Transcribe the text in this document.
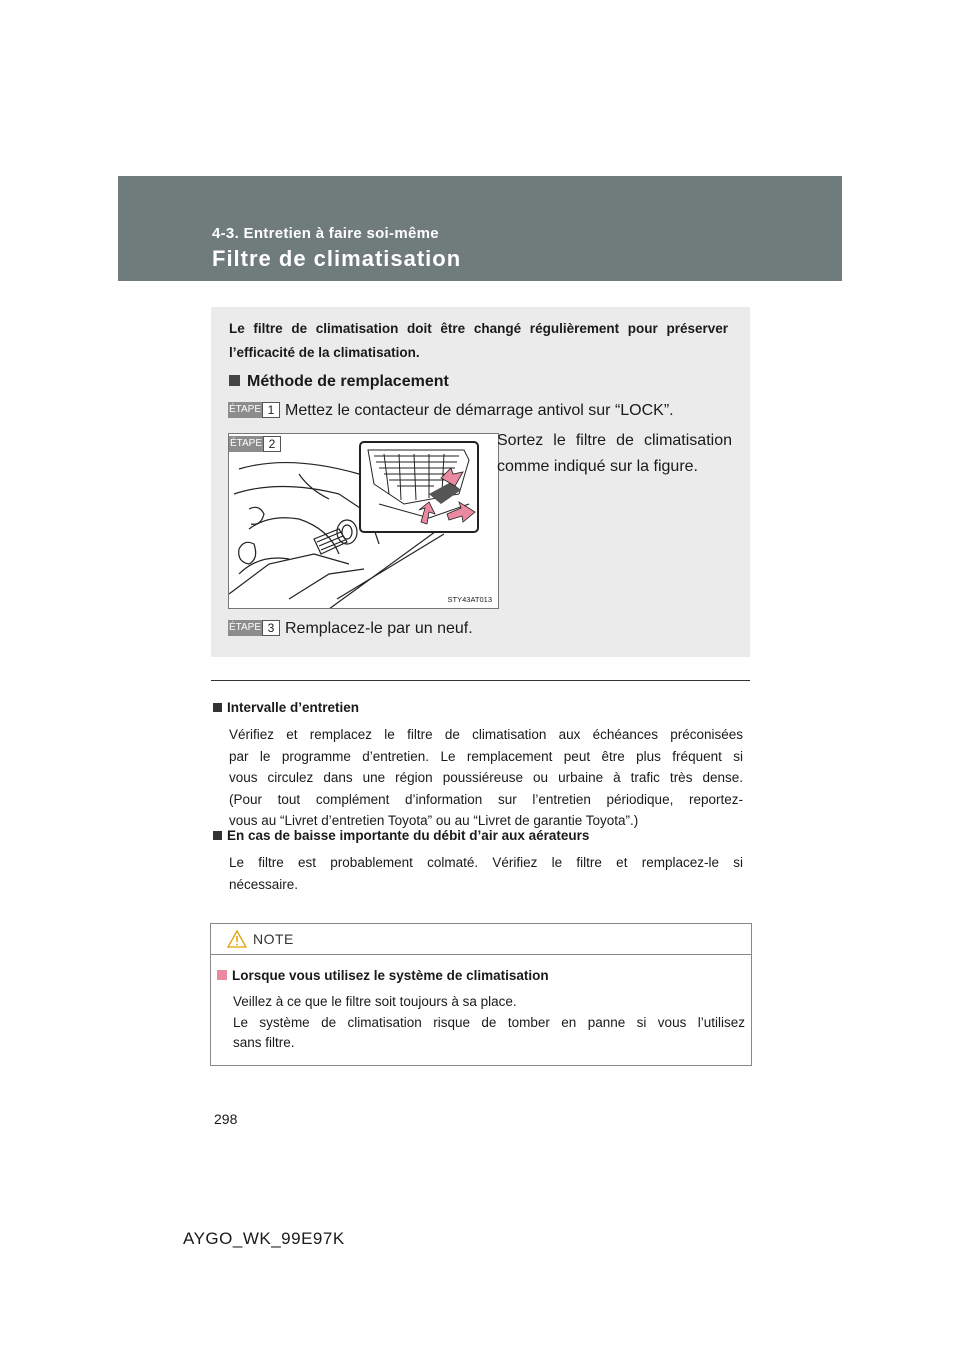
4-3. Entretien à faire soi-même
Filtre de climatisation
Le filtre de climatisation doit être changé régulièrement pour préserver l’efficacité de la climatisation.
Méthode de remplacement
ÉTAPE 1 Mettez le contacteur de démarrage antivol sur “LOCK”.
ÉTAPE 2
STY43AT013
Sortez le filtre de climatisation
comme indiqué sur la figure.
ÉTAPE 3 Remplacez-le par un neuf.
Intervalle d’entretien

Vérifiez et remplacez le filtre de climatisation aux échéances préconisées
par le programme d’entretien. Le remplacement peut être plus fréquent si
vous circulez dans une région poussiéreuse ou urbaine à trafic très dense.
(Pour tout complément d’information sur l’entretien périodique, reportez-
vous au “Livret d’entretien Toyota” ou au “Livret de garantie Toyota”.)

En cas de baisse importante du débit d’air aux aérateurs

Le filtre est probablement colmaté. Vérifiez le filtre et remplacez-le si
nécessaire.

NOTE
Lorsque vous utilisez le système de climatisation

Veillez à ce que le filtre soit toujours à sa place.
Le système de climatisation risque de tomber en panne si vous l’utilisez
sans filtre.

298
AYGO_WK_99E97K
